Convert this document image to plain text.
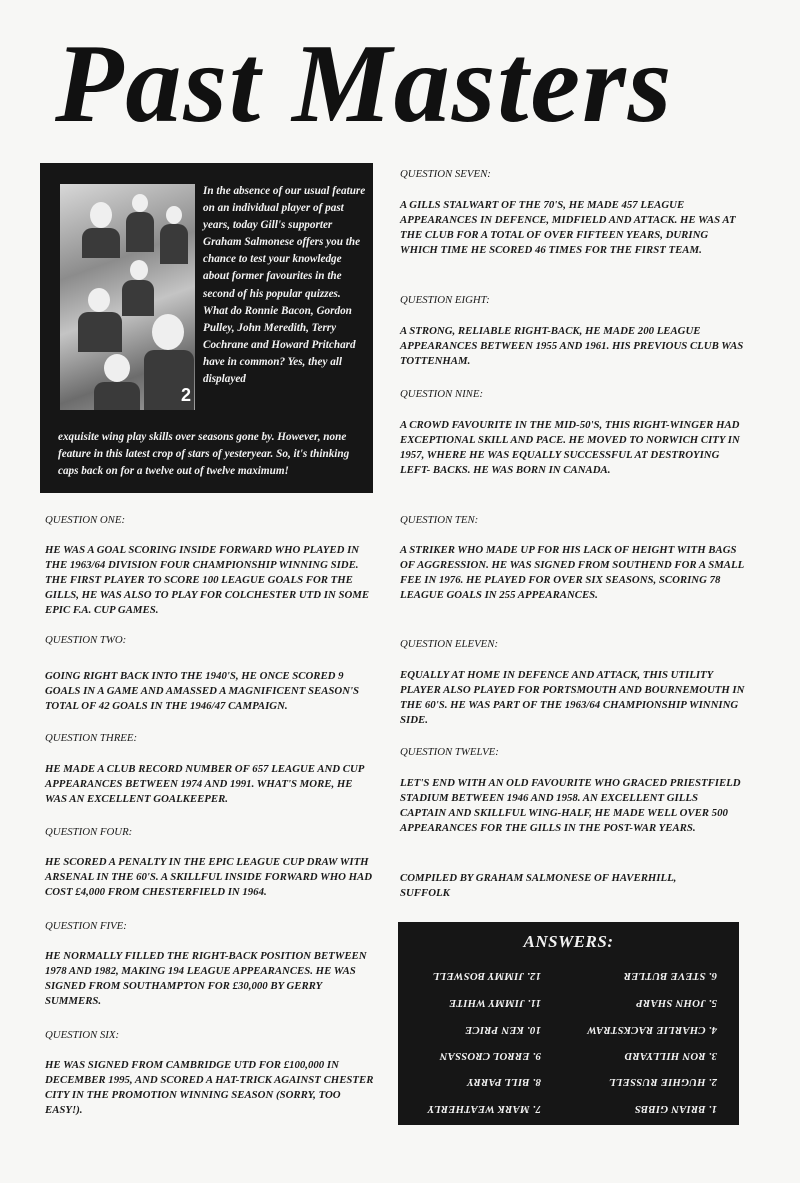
Past Masters
2
In the absence of our usual feature on an individual player of past years, today Gill's supporter Graham Salmonese offers you the chance to test your knowledge about former favourites in the second of his popular quizzes. What do Ronnie Bacon, Gordon Pulley, John Meredith, Terry Cochrane and Howard Pritchard have in common? Yes, they all displayed
exquisite wing play skills over seasons gone by. However, none feature in this latest crop of stars of yesteryear. So, it's thinking caps back on for a twelve out of twelve maximum!
QUESTION ONE:
HE WAS A GOAL SCORING INSIDE FORWARD WHO PLAYED IN THE 1963/64 DIVISION FOUR CHAMPIONSHIP WINNING SIDE. THE FIRST PLAYER TO SCORE 100 LEAGUE GOALS FOR THE GILLS, HE WAS ALSO TO PLAY FOR COLCHESTER UTD IN SOME EPIC F.A. CUP GAMES.
QUESTION TWO:
GOING RIGHT BACK INTO THE 1940'S, HE ONCE SCORED 9 GOALS IN A GAME AND AMASSED A MAGNIFICENT SEASON'S TOTAL OF 42 GOALS IN THE 1946/47 CAMPAIGN.
QUESTION THREE:
HE MADE A CLUB RECORD NUMBER OF 657 LEAGUE AND CUP APPEARANCES BETWEEN 1974 AND 1991. WHAT'S MORE, HE WAS AN EXCELLENT GOALKEEPER.
QUESTION FOUR:
HE SCORED A PENALTY IN THE EPIC LEAGUE CUP DRAW WITH ARSENAL IN THE 60'S. A SKILLFUL INSIDE FORWARD WHO HAD COST £4,000 FROM CHESTERFIELD IN 1964.
QUESTION FIVE:
HE NORMALLY FILLED THE RIGHT-BACK POSITION BETWEEN 1978 AND 1982, MAKING 194 LEAGUE APPEARANCES. HE WAS SIGNED FROM SOUTHAMPTON FOR £30,000 BY GERRY SUMMERS.
QUESTION SIX:
HE WAS SIGNED FROM CAMBRIDGE UTD FOR £100,000 IN DECEMBER 1995, AND SCORED A HAT-TRICK AGAINST CHESTER CITY IN THE PROMOTION WINNING SEASON (SORRY, TOO EASY!).
QUESTION SEVEN:
A GILLS STALWART OF THE 70'S, HE MADE 457 LEAGUE APPEARANCES IN DEFENCE, MIDFIELD AND ATTACK. HE WAS AT THE CLUB FOR A TOTAL OF OVER FIFTEEN YEARS, DURING WHICH TIME HE SCORED 46 TIMES FOR THE FIRST TEAM.
QUESTION EIGHT:
A STRONG, RELIABLE RIGHT-BACK, HE MADE 200 LEAGUE APPEARANCES BETWEEN 1955 AND 1961. HIS PREVIOUS CLUB WAS TOTTENHAM.
QUESTION NINE:
A CROWD FAVOURITE IN THE MID-50'S, THIS RIGHT-WINGER HAD EXCEPTIONAL SKILL AND PACE. HE MOVED TO NORWICH CITY IN 1957, WHERE HE WAS EQUALLY SUCCESSFUL AT DESTROYING LEFT- BACKS. HE WAS BORN IN CANADA.
QUESTION TEN:
A STRIKER WHO MADE UP FOR HIS LACK OF HEIGHT WITH BAGS OF AGGRESSION. HE WAS SIGNED FROM SOUTHEND FOR A SMALL FEE IN 1976. HE PLAYED FOR OVER SIX SEASONS, SCORING 78 LEAGUE GOALS IN 255 APPEARANCES.
QUESTION ELEVEN:
EQUALLY AT HOME IN DEFENCE AND ATTACK, THIS UTILITY PLAYER ALSO PLAYED FOR PORTSMOUTH AND BOURNEMOUTH IN THE 60'S. HE WAS PART OF THE 1963/64 CHAMPIONSHIP WINNING SIDE.
QUESTION TWELVE:
LET'S END WITH AN OLD FAVOURITE WHO GRACED PRIESTFIELD STADIUM BETWEEN 1946 AND 1958. AN EXCELLENT GILLS CAPTAIN AND SKILLFUL WING-HALF, HE MADE WELL OVER 500 APPEARANCES FOR THE GILLS IN THE POST-WAR YEARS.
COMPILED BY GRAHAM SALMONESE OF HAVERHILL, SUFFOLK
ANSWERS:
1. BRIAN GIBBS
2. HUGHIE RUSSELL
3. RON HILLYARD
4. CHARLIE RACKSTRAW
5. JOHN SHARP
6. STEVE BUTLER
7. MARK WEATHERLY
8. BILL PARRY
9. ERROL CROSSAN
10. KEN PRICE
11. JIMMY WHITE
12. JIMMY BOSWELL
